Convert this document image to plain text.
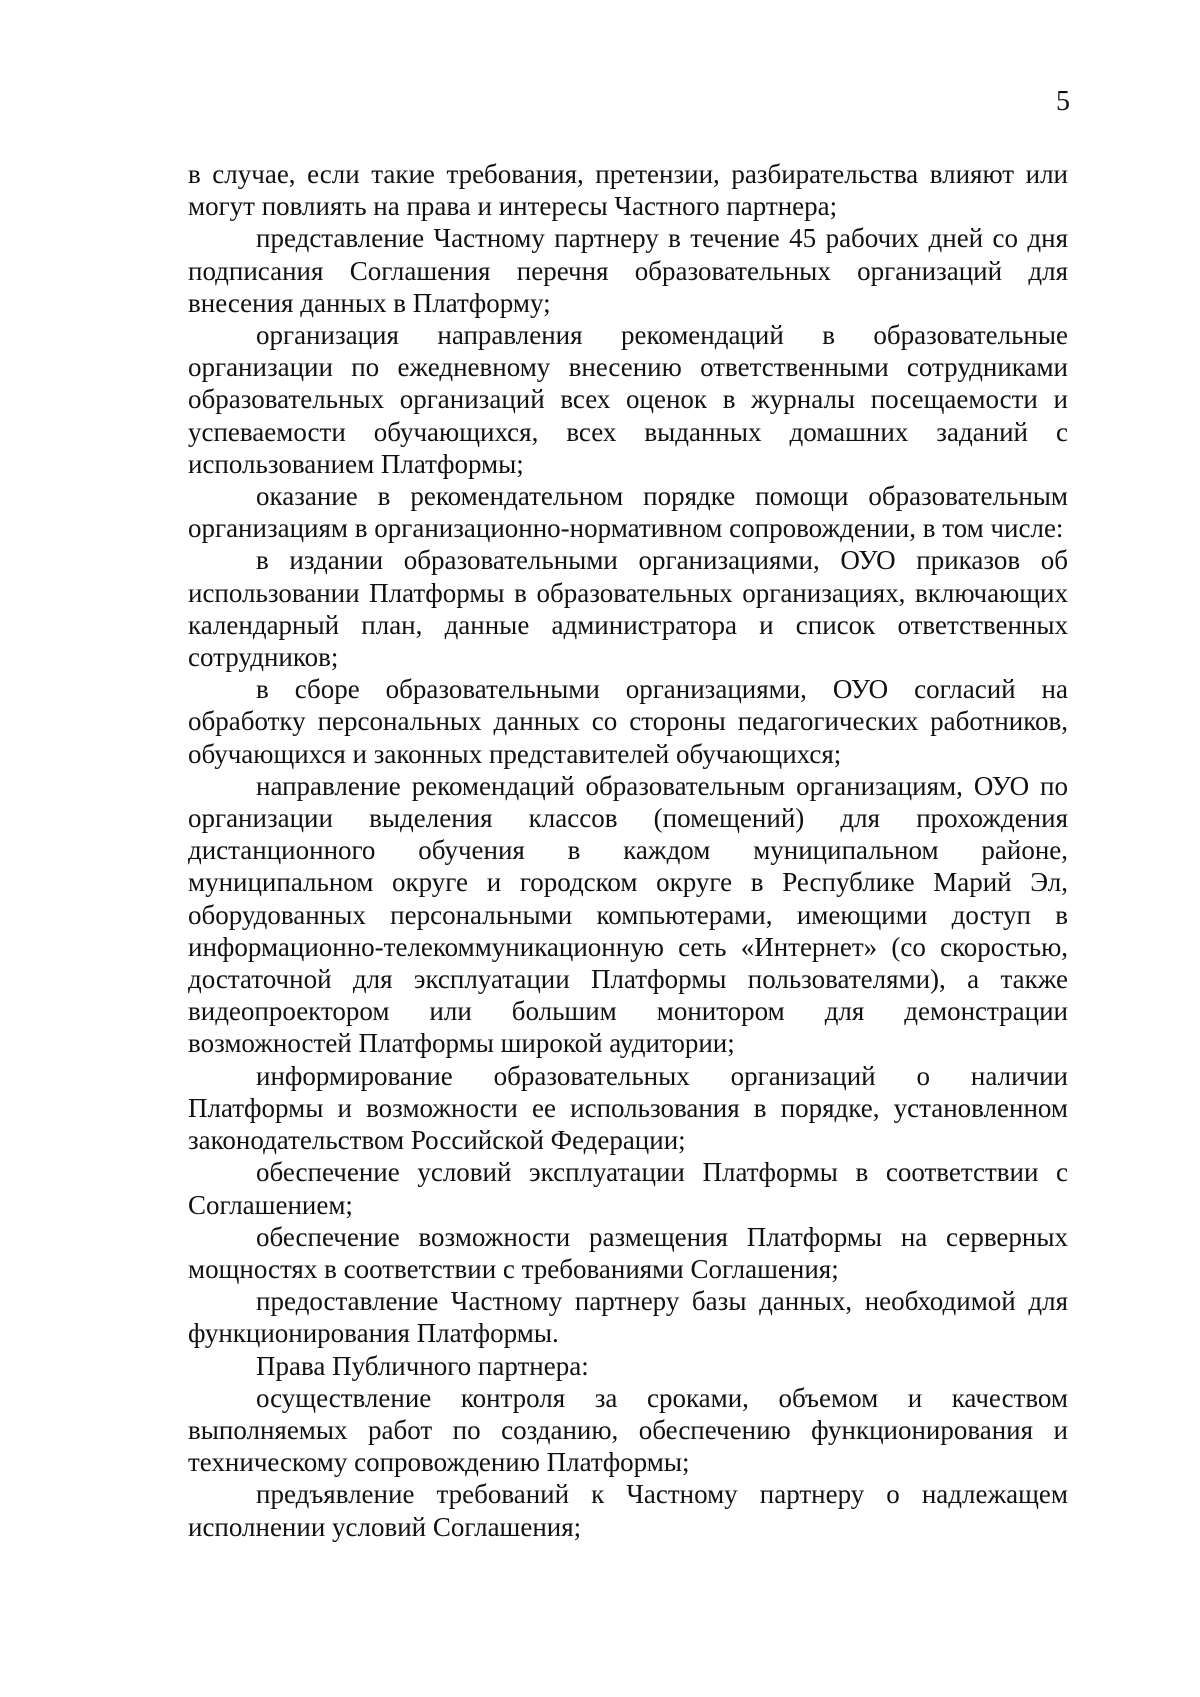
5

в случае, если такие требования, претензии, разбирательства влияют или могут повлиять на права и интересы Частного партнера;

представление Частному партнеру в течение 45 рабочих дней со дня подписания Соглашения перечня образовательных организаций для внесения данных в Платформу;

организация направления рекомендаций в образовательные организации по ежедневному внесению ответственными сотрудниками образовательных организаций всех оценок в журналы посещаемости и успеваемости обучающихся, всех выданных домашних заданий с использованием Платформы;

оказание в рекомендательном порядке помощи образовательным организациям в организационно-нормативном сопровождении, в том числе:

в издании образовательными организациями, ОУО приказов об использовании Платформы в образовательных организациях, включающих календарный план, данные администратора и список ответственных сотрудников;

в сборе образовательными организациями, ОУО согласий на обработку персональных данных со стороны педагогических работников, обучающихся и законных представителей обучающихся;

направление рекомендаций образовательным организациям, ОУО по организации выделения классов (помещений) для прохождения дистанционного обучения в каждом муниципальном районе, муниципальном округе и городском округе в Республике Марий Эл, оборудованных персональными компьютерами, имеющими доступ в информационно-телекоммуникационную сеть «Интернет» (со скоростью, достаточной для эксплуатации Платформы пользователями), а также видеопроектором или большим монитором для демонстрации возможностей Платформы широкой аудитории;

информирование образовательных организаций о наличии Платформы и возможности ее использования в порядке, установленном законодательством Российской Федерации;

обеспечение условий эксплуатации Платформы в соответствии с Соглашением;

обеспечение возможности размещения Платформы на серверных мощностях в соответствии с требованиями Соглашения;

предоставление Частному партнеру базы данных, необходимой для функционирования Платформы.

Права Публичного партнера:

осуществление контроля за сроками, объемом и качеством выполняемых работ по созданию, обеспечению функционирования и техническому сопровождению Платформы;

предъявление требований к Частному партнеру о надлежащем исполнении условий Соглашения;
